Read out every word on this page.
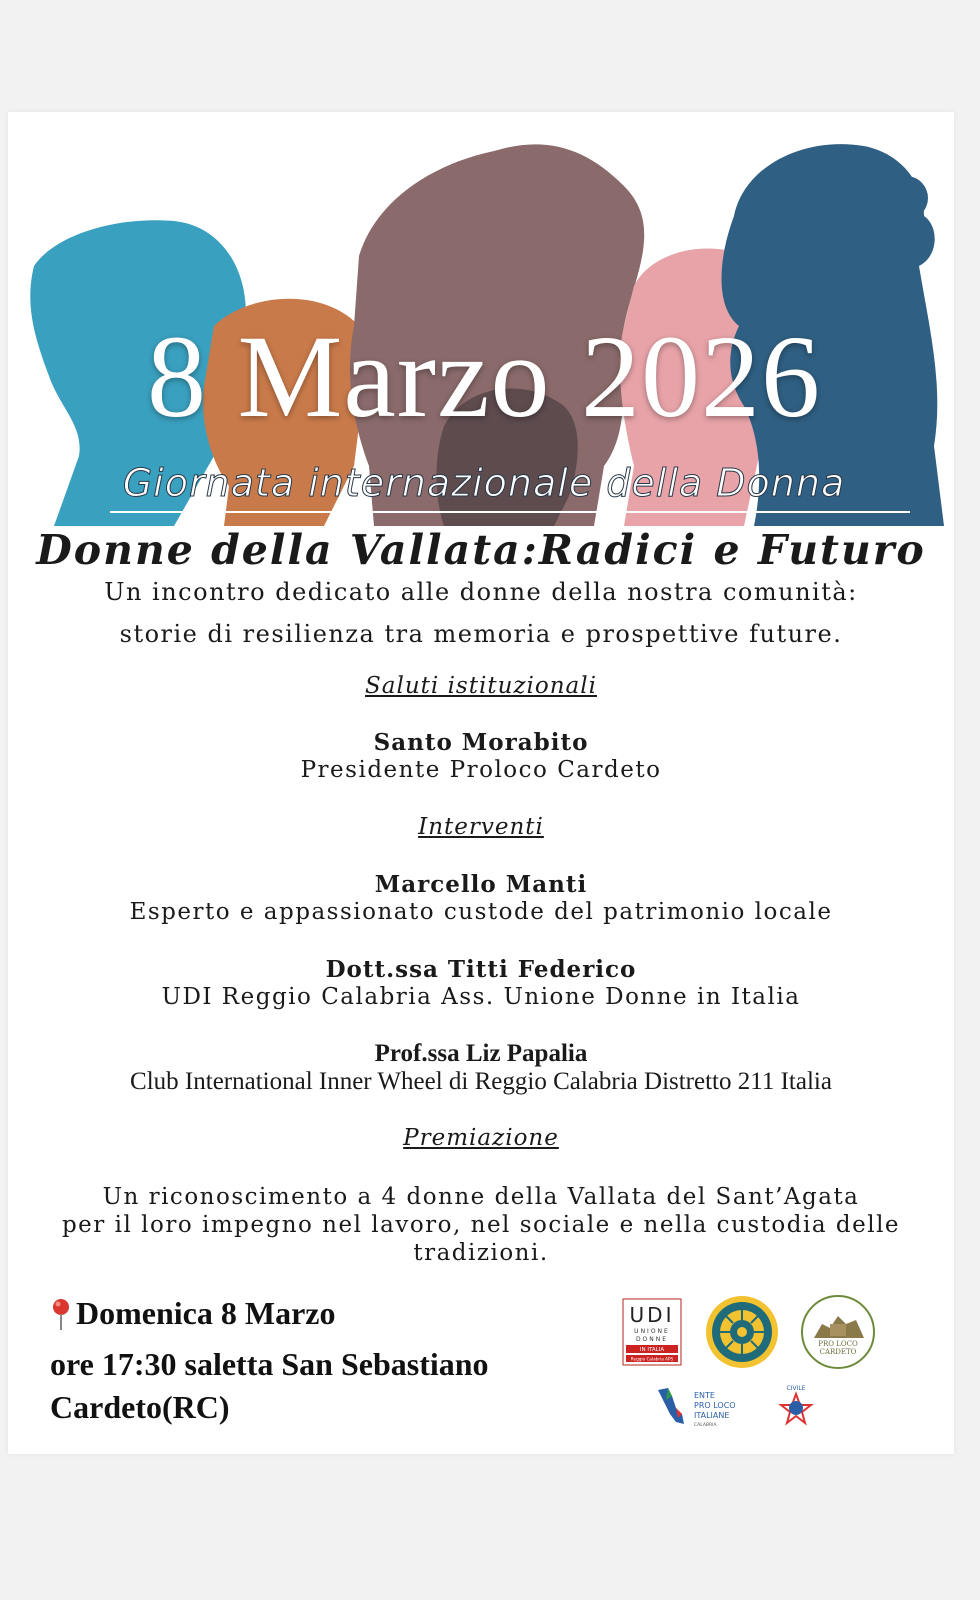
8 Marzo 2026
Giornata internazionale della Donna
Donne della Vallata:Radici e Futuro
Un incontro dedicato alle donne della nostra comunità:
storie di resilienza tra memoria e prospettive future.
Saluti istituzionali
Santo Morabito
Presidente Proloco Cardeto
Interventi
Marcello Manti
Esperto e appassionato custode del patrimonio locale
Dott.ssa Titti Federico
UDI Reggio Calabria Ass. Unione Donne in Italia
Prof.ssa Liz Papalia
Club International Inner Wheel di Reggio Calabria Distretto 211 Italia
Premiazione
Un riconoscimento a 4 donne della Vallata del Sant’Agata
per il loro impegno nel lavoro, nel sociale e nella custodia delle
tradizioni.
Domenica 8 Marzo
ore 17:30 saletta San Sebastiano
Cardeto(RC)
UDI
UNIONE
DONNE
IN ITALIA
Reggio Calabria APS
PRO LOCO
CARDETO
ENTE
PRO LOCO
ITALIANE
CALABRIA
CIVILE
